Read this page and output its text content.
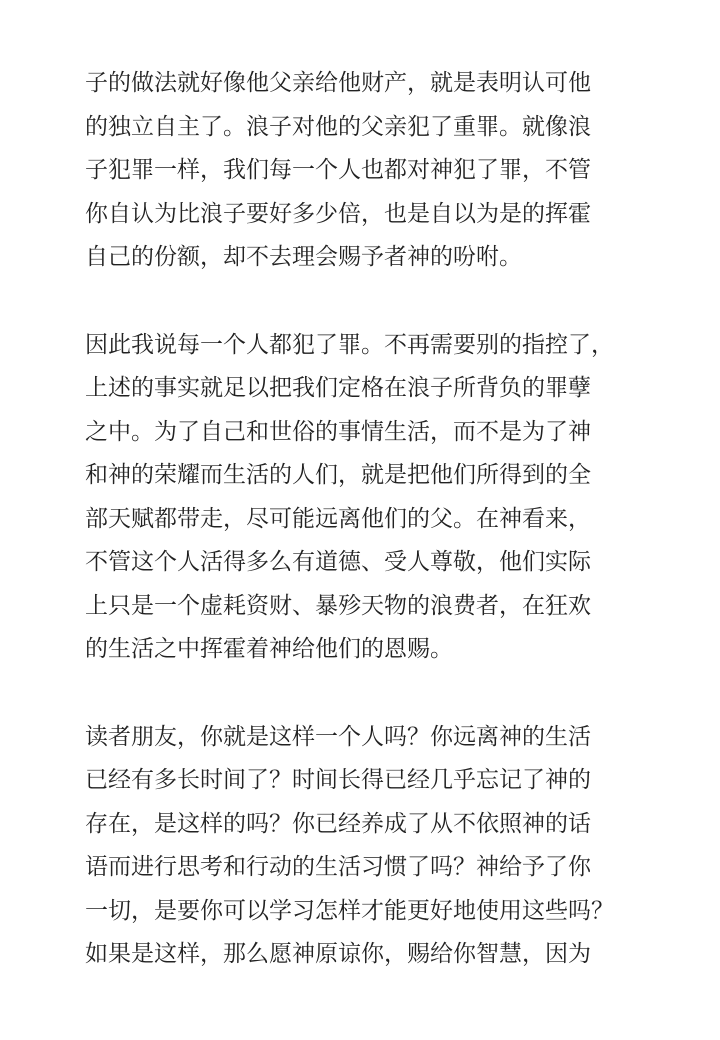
子的做法就好像他父亲给他财产，就是表明认可他
的独立自主了。浪子对他的父亲犯了重罪。就像浪
子犯罪一样，我们每一个人也都对神犯了罪，不管
你自认为比浪子要好多少倍，也是自以为是的挥霍
自己的份额，却不去理会赐予者神的吩咐。
因此我说每一个人都犯了罪。不再需要别的指控了，
上述的事实就足以把我们定格在浪子所背负的罪孽
之中。为了自己和世俗的事情生活，而不是为了神
和神的荣耀而生活的人们，就是把他们所得到的全
部天赋都带走，尽可能远离他们的父。在神看来，
不管这个人活得多么有道德、受人尊敬，他们实际
上只是一个虚耗资财、暴殄天物的浪费者，在狂欢
的生活之中挥霍着神给他们的恩赐。
读者朋友，你就是这样一个人吗？你远离神的生活
已经有多长时间了？时间长得已经几乎忘记了神的
存在，是这样的吗？你已经养成了从不依照神的话
语而进行思考和行动的生活习惯了吗？神给予了你
一切，是要你可以学习怎样才能更好地使用这些吗？
如果是这样，那么愿神原谅你，赐给你智慧，因为
